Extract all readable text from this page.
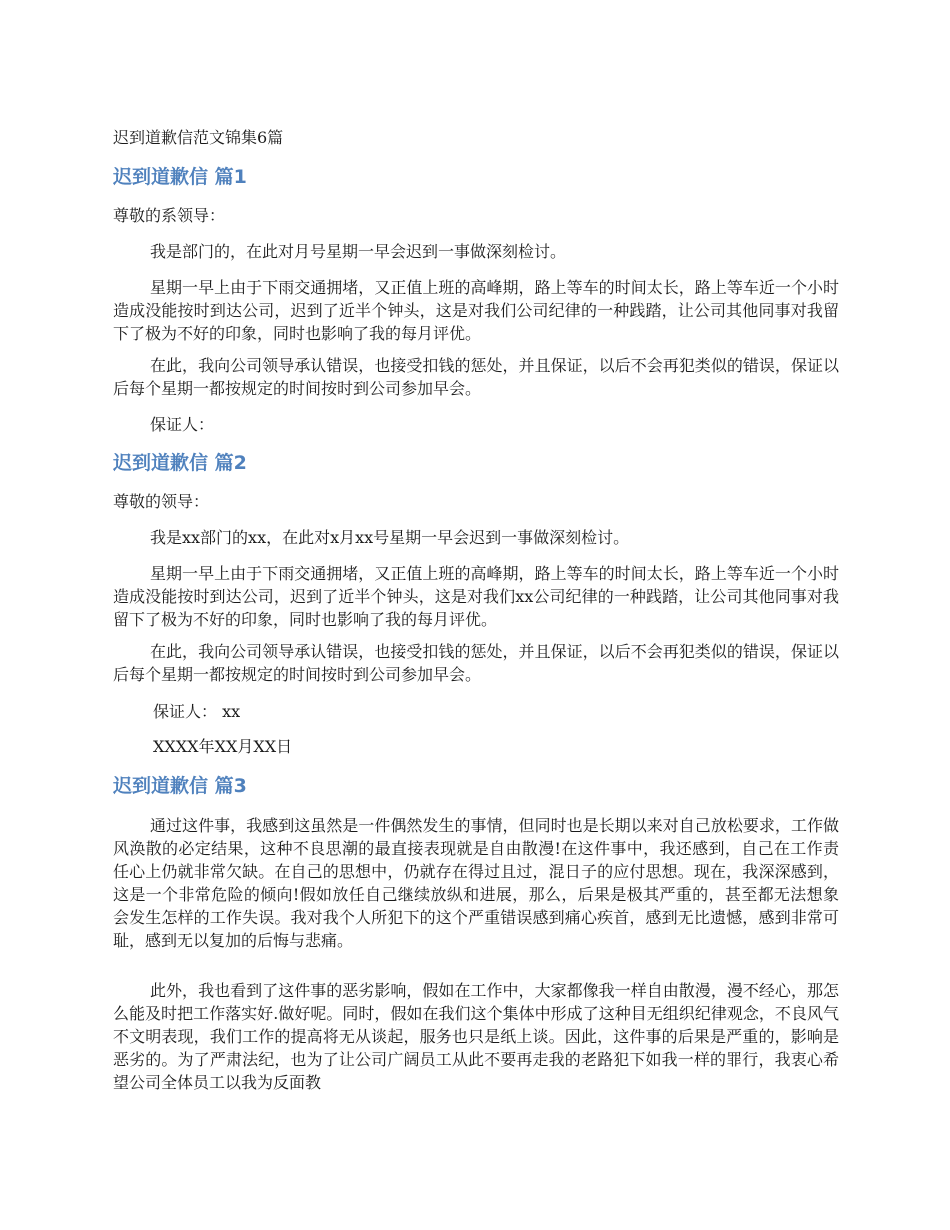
迟到道歉信范文锦集6篇
迟到道歉信 篇1

尊敬的系领导：

我是部门的，在此对月号星期一早会迟到一事做深刻检讨。

星期一早上由于下雨交通拥堵，又正值上班的高峰期，路上等车的时间太长，路上等车近一个小时造成没能按时到达公司，迟到了近半个钟头，这是对我们公司纪律的一种践踏，让公司其他同事对我留下了极为不好的印象，同时也影响了我的每月评优。

在此，我向公司领导承认错误，也接受扣钱的惩处，并且保证，以后不会再犯类似的错误，保证以后每个星期一都按规定的时间按时到公司参加早会。

保证人：

迟到道歉信 篇2

尊敬的领导：

我是xx部门的xx，在此对x月xx号星期一早会迟到一事做深刻检讨。

星期一早上由于下雨交通拥堵，又正值上班的高峰期，路上等车的时间太长，路上等车近一个小时造成没能按时到达公司，迟到了近半个钟头，这是对我们xx公司纪律的一种践踏，让公司其他同事对我留下了极为不好的印象，同时也影响了我的每月评优。

在此，我向公司领导承认错误，也接受扣钱的惩处，并且保证，以后不会再犯类似的错误，保证以后每个星期一都按规定的时间按时到公司参加早会。

保证人： xx

XXXX年XX月XX日

迟到道歉信 篇3

通过这件事，我感到这虽然是一件偶然发生的事情，但同时也是长期以来对自己放松要求，工作做风涣散的必定结果，这种不良思潮的最直接表现就是自由散漫!在这件事中，我还感到，自己在工作责任心上仍就非常欠缺。在自己的思想中，仍就存在得过且过，混日子的应付思想。现在，我深深感到，这是一个非常危险的倾向!假如放任自己继续放纵和进展，那么，后果是极其严重的，甚至都无法想象会发生怎样的工作失误。我对我个人所犯下的这个严重错误感到痛心疾首，感到无比遗憾，感到非常可耻，感到无以复加的后悔与悲痛。

此外，我也看到了这件事的恶劣影响，假如在工作中，大家都像我一样自由散漫，漫不经心，那怎么能及时把工作落实好.做好呢。同时，假如在我们这个集体中形成了这种目无组织纪律观念，不良风气 不文明表现，我们工作的提高将无从谈起，服务也只是纸上谈。因此，这件事的后果是严重的，影响是恶劣的。为了严肃法纪，也为了让公司广阔员工从此不要再走我的老路犯下如我一样的罪行，我衷心希望公司全体员工以我为反面教
